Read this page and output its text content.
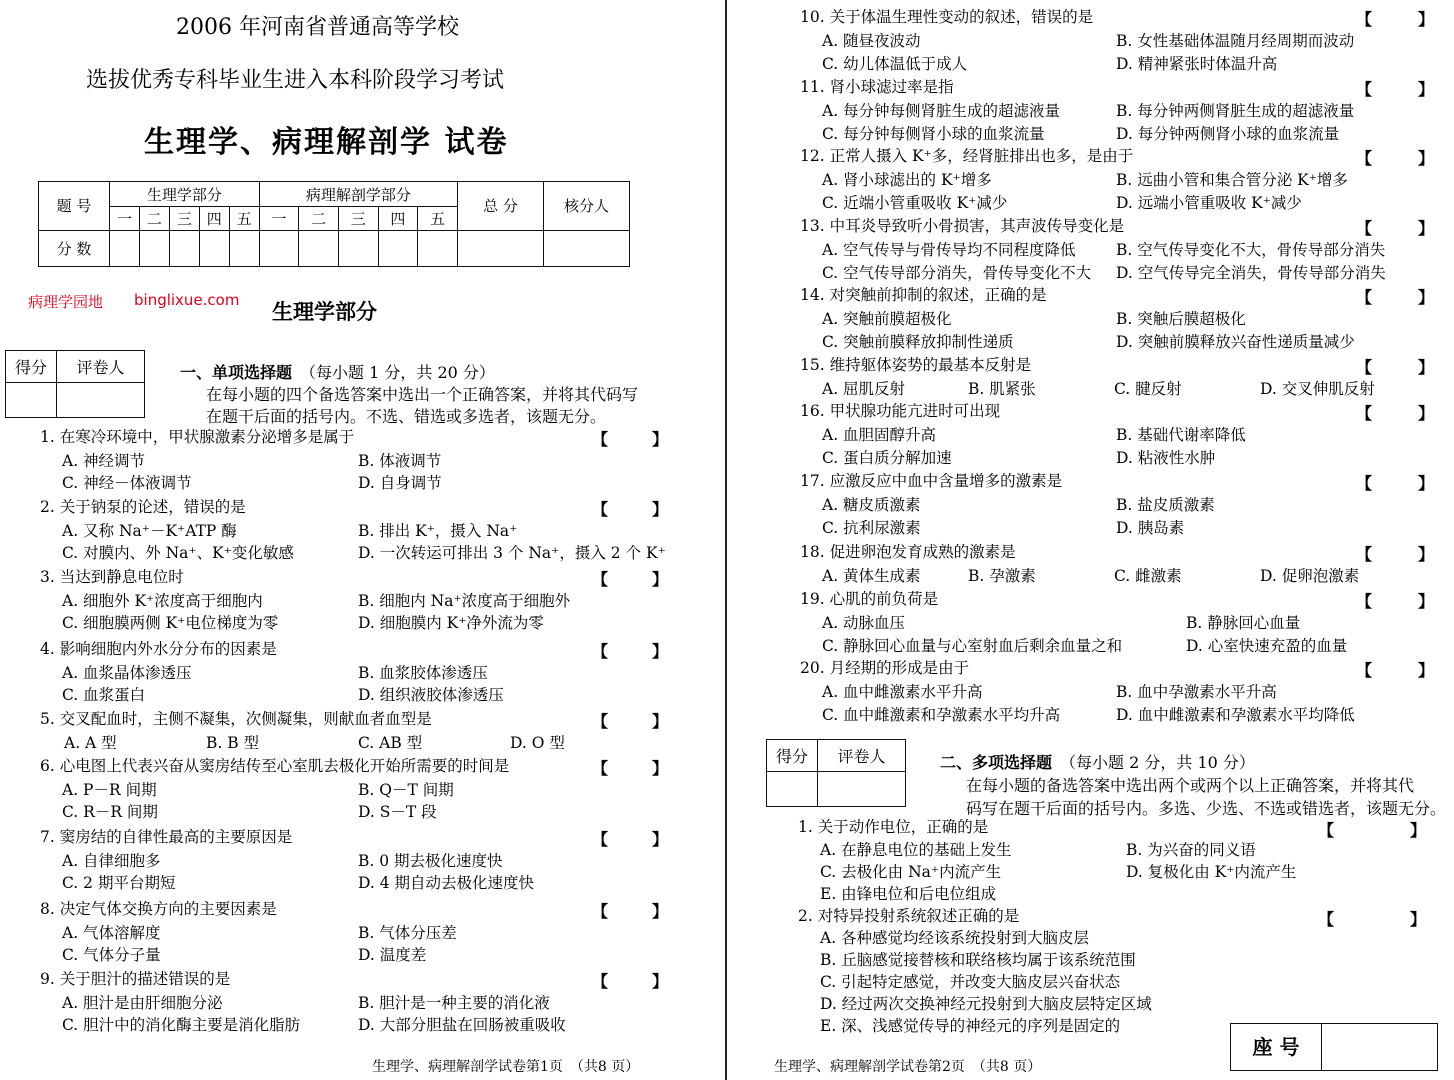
2006 年河南省普通高等学校
选拔优秀专科毕业生进入本科阶段学习考试
生理学、病理解剖学 试卷
题 号	生理学部分					病理解剖学部分					总 分	核分人
	一	二	三	四	五	一	二	三	四	五		
分 数												
病理学园地 binglixue.com 生理学部分
得分	评卷人
		一、单项选择题 （每小题 1 分，共 20 分）
在每小题的四个备选答案中选出一个正确答案，并将其代码写
在题干后面的括号内。不选、错选或多选者，该题无分。
1. 在寒冷环境中，甲状腺激素分泌增多是属于	【	】
A. 神经调节	B. 体液调节
C. 神经－体液调节	D. 自身调节
2. 关于钠泵的论述，错误的是	【	】
A. 又称 Na⁺－K⁺ATP 酶	B. 排出 K⁺，摄入 Na⁺
C. 对膜内、外 Na⁺、K⁺变化敏感	D. 一次转运可排出 3 个 Na⁺，摄入 2 个 K⁺
3. 当达到静息电位时	【	】
A. 细胞外 K⁺浓度高于细胞内	B. 细胞内 Na⁺浓度高于细胞外
C. 细胞膜两侧 K⁺电位梯度为零	D. 细胞膜内 K⁺净外流为零
4. 影响细胞内外水分分布的因素是	【	】
A. 血浆晶体渗透压	B. 血浆胶体渗透压
C. 血浆蛋白	D. 组织液胶体渗透压
5. 交叉配血时，主侧不凝集，次侧凝集，则献血者血型是	【	】
A. A 型	B. B 型	C. AB 型	D. O 型
6. 心电图上代表兴奋从窦房结传至心室肌去极化开始所需要的时间是	【	】
A. P－R 间期	B. Q－T 间期
C. R－R 间期	D. S－T 段
7. 窦房结的自律性最高的主要原因是	【	】
A. 自律细胞多	B. 0 期去极化速度快
C. 2 期平台期短	D. 4 期自动去极化速度快
8. 决定气体交换方向的主要因素是	【	】
A. 气体溶解度	B. 气体分压差
C. 气体分子量	D. 温度差
9. 关于胆汁的描述错误的是	【	】
A. 胆汁是由肝细胞分泌	B. 胆汁是一种主要的消化液
C. 胆汁中的消化酶主要是消化脂肪	D. 大部分胆盐在回肠被重吸收
生理学、病理解剖学试卷第1页　（共8 页）
10. 关于体温生理性变动的叙述，错误的是	【	】
A. 随昼夜波动	B. 女性基础体温随月经周期而波动
C. 幼儿体温低于成人	D. 精神紧张时体温升高
11. 肾小球滤过率是指	【	】
A. 每分钟每侧肾脏生成的超滤液量	B. 每分钟两侧肾脏生成的超滤液量
C. 每分钟每侧肾小球的血浆流量	D. 每分钟两侧肾小球的血浆流量
12. 正常人摄入 K⁺多，经肾脏排出也多，是由于	【	】
A. 肾小球滤出的 K⁺增多	B. 远曲小管和集合管分泌 K⁺增多
C. 近端小管重吸收 K⁺减少	D. 远端小管重吸收 K⁺减少
13. 中耳炎导致听小骨损害，其声波传导变化是	【	】
A. 空气传导与骨传导均不同程度降低	B. 空气传导变化不大，骨传导部分消失
C. 空气传导部分消失，骨传导变化不大 D. 空气传导完全消失，骨传导部分消失
14. 对突触前抑制的叙述，正确的是	【	】
A. 突触前膜超极化	B. 突触后膜超极化
C. 突触前膜释放抑制性递质	D. 突触前膜释放兴奋性递质量减少
15. 维持躯体姿势的最基本反射是	【	】
A. 屈肌反射	B. 肌紧张	C. 腱反射	D. 交叉伸肌反射
16. 甲状腺功能亢进时可出现	【	】
A. 血胆固醇升高	B. 基础代谢率降低
C. 蛋白质分解加速	D. 粘液性水肿
17. 应激反应中血中含量增多的激素是	【	】
A. 糖皮质激素	B. 盐皮质激素
C. 抗利尿激素	D. 胰岛素
18. 促进卵泡发育成熟的激素是	【	】
A. 黄体生成素	B. 孕激素	C. 雌激素	D. 促卵泡激素
19. 心肌的前负荷是	【	】
A. 动脉血压	B. 静脉回心血量
C. 静脉回心血量与心室射血后剩余血量之和	D. 心室快速充盈的血量
20. 月经期的形成是由于	【	】
A. 血中雌激素水平升高	B. 血中孕激素水平升高
C. 血中雌激素和孕激素水平均升高	D. 血中雌激素和孕激素水平均降低
得分	评卷人
		二、多项选择题 （每小题 2 分，共 10 分）
在每小题的备选答案中选出两个或两个以上正确答案，并将其代
码写在题干后面的括号内。多选、少选、不选或错选者，该题无分。
1. 关于动作电位，正确的是	【	】
A. 在静息电位的基础上发生	B. 为兴奋的同义语
C. 去极化由 Na⁺内流产生	D. 复极化由 K⁺内流产生
E. 由锋电位和后电位组成
2. 对特异投射系统叙述正确的是	【	】
A. 各种感觉均经该系统投射到大脑皮层
B. 丘脑感觉接替核和联络核均属于该系统范围
C. 引起特定感觉，并改变大脑皮层兴奋状态
D. 经过两次交换神经元投射到大脑皮层特定区域
E. 深、浅感觉传导的神经元的序列是固定的
座 号
生理学、病理解剖学试卷第2页　（共8 页）
